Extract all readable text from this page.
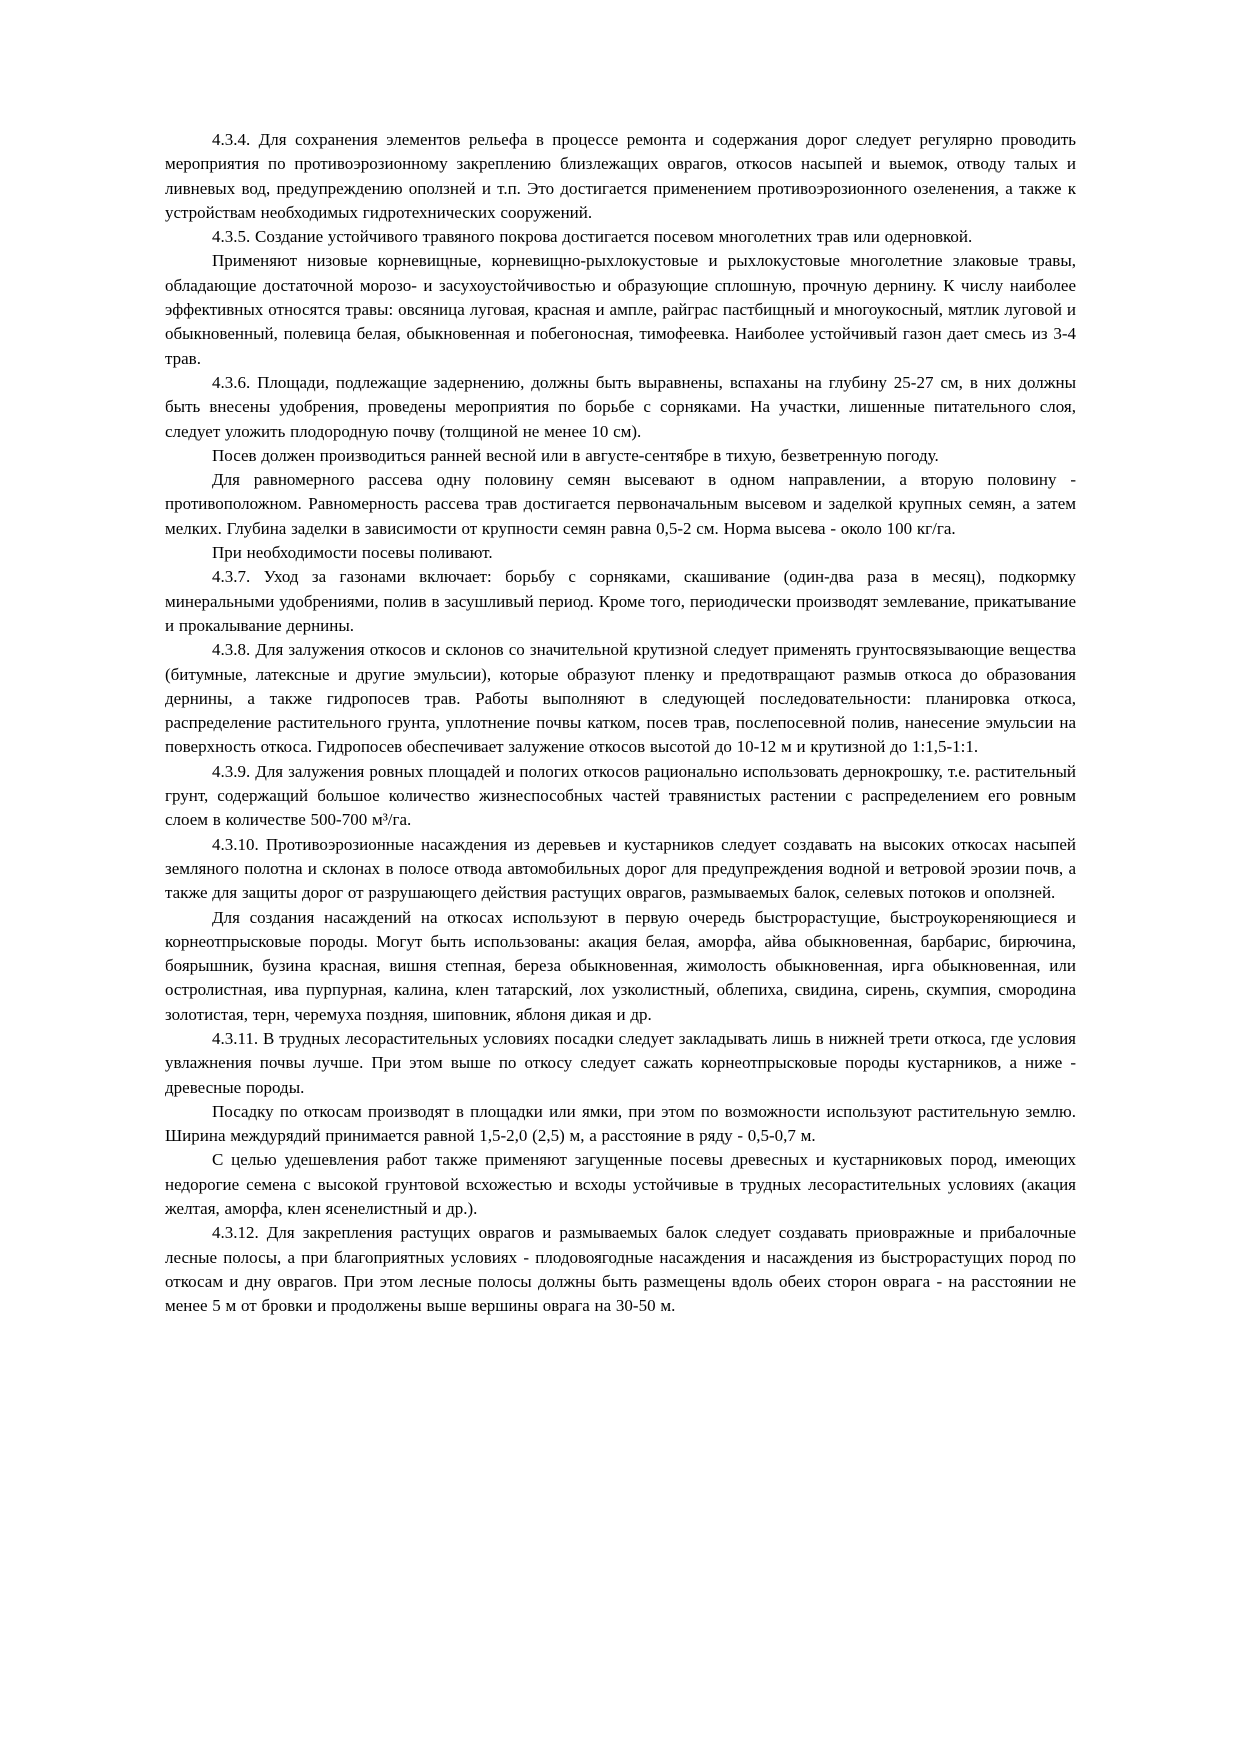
4.3.4. Для сохранения элементов рельефа в процессе ремонта и содержания дорог следует регулярно проводить мероприятия по противоэрозионному закреплению близлежащих оврагов, откосов насыпей и выемок, отводу талых и ливневых вод, предупреждению оползней и т.п. Это достигается применением противоэрозионного озеленения, а также к устройствам необходимых гидротехнических сооружений.

4.3.5. Создание устойчивого травяного покрова достигается посевом многолетних трав или одерновкой.

Применяют низовые корневищные, корневищно-рыхлокустовые и рыхлокустовые многолетние злаковые травы, обладающие достаточной морозо- и засухоустойчивостью и образующие сплошную, прочную дернину. К числу наиболее эффективных относятся травы: овсяница луговая, красная и ампле, райграс пастбищный и многоукосный, мятлик луговой и обыкновенный, полевица белая, обыкновенная и побегоносная, тимофеевка. Наиболее устойчивый газон дает смесь из 3-4 трав.

4.3.6. Площади, подлежащие задернению, должны быть выравнены, вспаханы на глубину 25-27 см, в них должны быть внесены удобрения, проведены мероприятия по борьбе с сорняками. На участки, лишенные питательного слоя, следует уложить плодородную почву (толщиной не менее 10 см).

Посев должен производиться ранней весной или в августе-сентябре в тихую, безветренную погоду.

Для равномерного рассева одну половину семян высевают в одном направлении, а вторую половину - противоположном. Равномерность рассева трав достигается первоначальным высевом и заделкой крупных семян, а затем мелких. Глубина заделки в зависимости от крупности семян равна 0,5-2 см. Норма высева - около 100 кг/га.

При необходимости посевы поливают.

4.3.7. Уход за газонами включает: борьбу с сорняками, скашивание (один-два раза в месяц), подкормку минеральными удобрениями, полив в засушливый период. Кроме того, периодически производят землевание, прикатывание и прокалывание дернины.

4.3.8. Для залужения откосов и склонов со значительной крутизной следует применять грунтосвязывающие вещества (битумные, латексные и другие эмульсии), которые образуют пленку и предотвращают размыв откоса до образования дернины, а также гидропосев трав. Работы выполняют в следующей последовательности: планировка откоса, распределение растительного грунта, уплотнение почвы катком, посев трав, послепосевной полив, нанесение эмульсии на поверхность откоса. Гидропосев обеспечивает залужение откосов высотой до 10-12 м и крутизной до 1:1,5-1:1.

4.3.9. Для залужения ровных площадей и пологих откосов рационально использовать дернокрошку, т.е. растительный грунт, содержащий большое количество жизнеспособных частей травянистых растении с распределением его ровным слоем в количестве 500-700 м³/га.

4.3.10. Противоэрозионные насаждения из деревьев и кустарников следует создавать на высоких откосах насыпей земляного полотна и склонах в полосе отвода автомобильных дорог для предупреждения водной и ветровой эрозии почв, а также для защиты дорог от разрушающего действия растущих оврагов, размываемых балок, селевых потоков и оползней.

Для создания насаждений на откосах используют в первую очередь быстрорастущие, быстроукореняющиеся и корнеотпрысковые породы. Могут быть использованы: акация белая, аморфа, айва обыкновенная, барбарис, бирючина, боярышник, бузина красная, вишня степная, береза обыкновенная, жимолость обыкновенная, ирга обыкновенная, или остролистная, ива пурпурная, калина, клен татарский, лох узколистный, облепиха, свидина, сирень, скумпия, смородина золотистая, терн, черемуха поздняя, шиповник, яблоня дикая и др.

4.3.11. В трудных лесорастительных условиях посадки следует закладывать лишь в нижней трети откоса, где условия увлажнения почвы лучше. При этом выше по откосу следует сажать корнеотпрысковые породы кустарников, а ниже - древесные породы.

Посадку по откосам производят в площадки или ямки, при этом по возможности используют растительную землю. Ширина междурядий принимается равной 1,5-2,0 (2,5) м, а расстояние в ряду - 0,5-0,7 м.

С целью удешевления работ также применяют загущенные посевы древесных и кустарниковых пород, имеющих недорогие семена с высокой грунтовой всхожестью и всходы устойчивые в трудных лесорастительных условиях (акация желтая, аморфа, клен ясенелистный и др.).

4.3.12. Для закрепления растущих оврагов и размываемых балок следует создавать приовражные и прибалочные лесные полосы, а при благоприятных условиях - плодовоягодные насаждения и насаждения из быстрорастущих пород по откосам и дну оврагов. При этом лесные полосы должны быть размещены вдоль обеих сторон оврага - на расстоянии не менее 5 м от бровки и продолжены выше вершины оврага на 30-50 м.
